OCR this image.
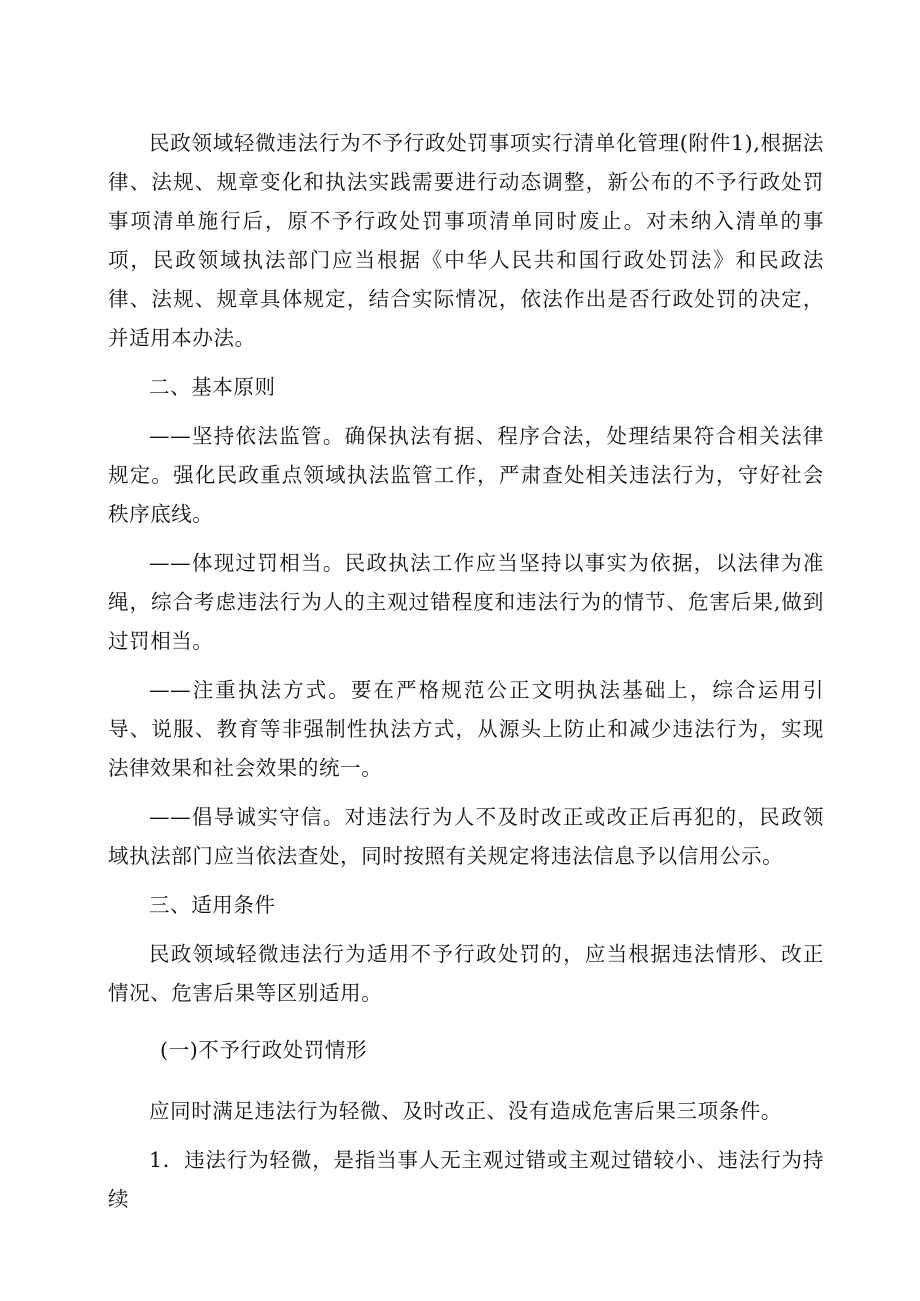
民政领域轻微违法行为不予行政处罚事项实行清单化管理(附件1),根据法律、法规、规章变化和执法实践需要进行动态调整，新公布的不予行政处罚事项清单施行后，原不予行政处罚事项清单同时废止。对未纳入清单的事项，民政领域执法部门应当根据《中华人民共和国行政处罚法》和民政法律、法规、规章具体规定，结合实际情况，依法作出是否行政处罚的决定，并适用本办法。

二、基本原则

——坚持依法监管。确保执法有据、程序合法，处理结果符合相关法律规定。强化民政重点领域执法监管工作，严肃查处相关违法行为，守好社会秩序底线。

——体现过罚相当。民政执法工作应当坚持以事实为依据，以法律为准绳，综合考虑违法行为人的主观过错程度和违法行为的情节、危害后果,做到过罚相当。

——注重执法方式。要在严格规范公正文明执法基础上，综合运用引导、说服、教育等非强制性执法方式，从源头上防止和减少违法行为，实现法律效果和社会效果的统一。

——倡导诚实守信。对违法行为人不及时改正或改正后再犯的，民政领域执法部门应当依法查处，同时按照有关规定将违法信息予以信用公示。

三、适用条件

民政领域轻微违法行为适用不予行政处罚的，应当根据违法情形、改正情况、危害后果等区别适用。

(一)不予行政处罚情形

应同时满足违法行为轻微、及时改正、没有造成危害后果三项条件。

1．违法行为轻微，是指当事人无主观过错或主观过错较小、违法行为持续
